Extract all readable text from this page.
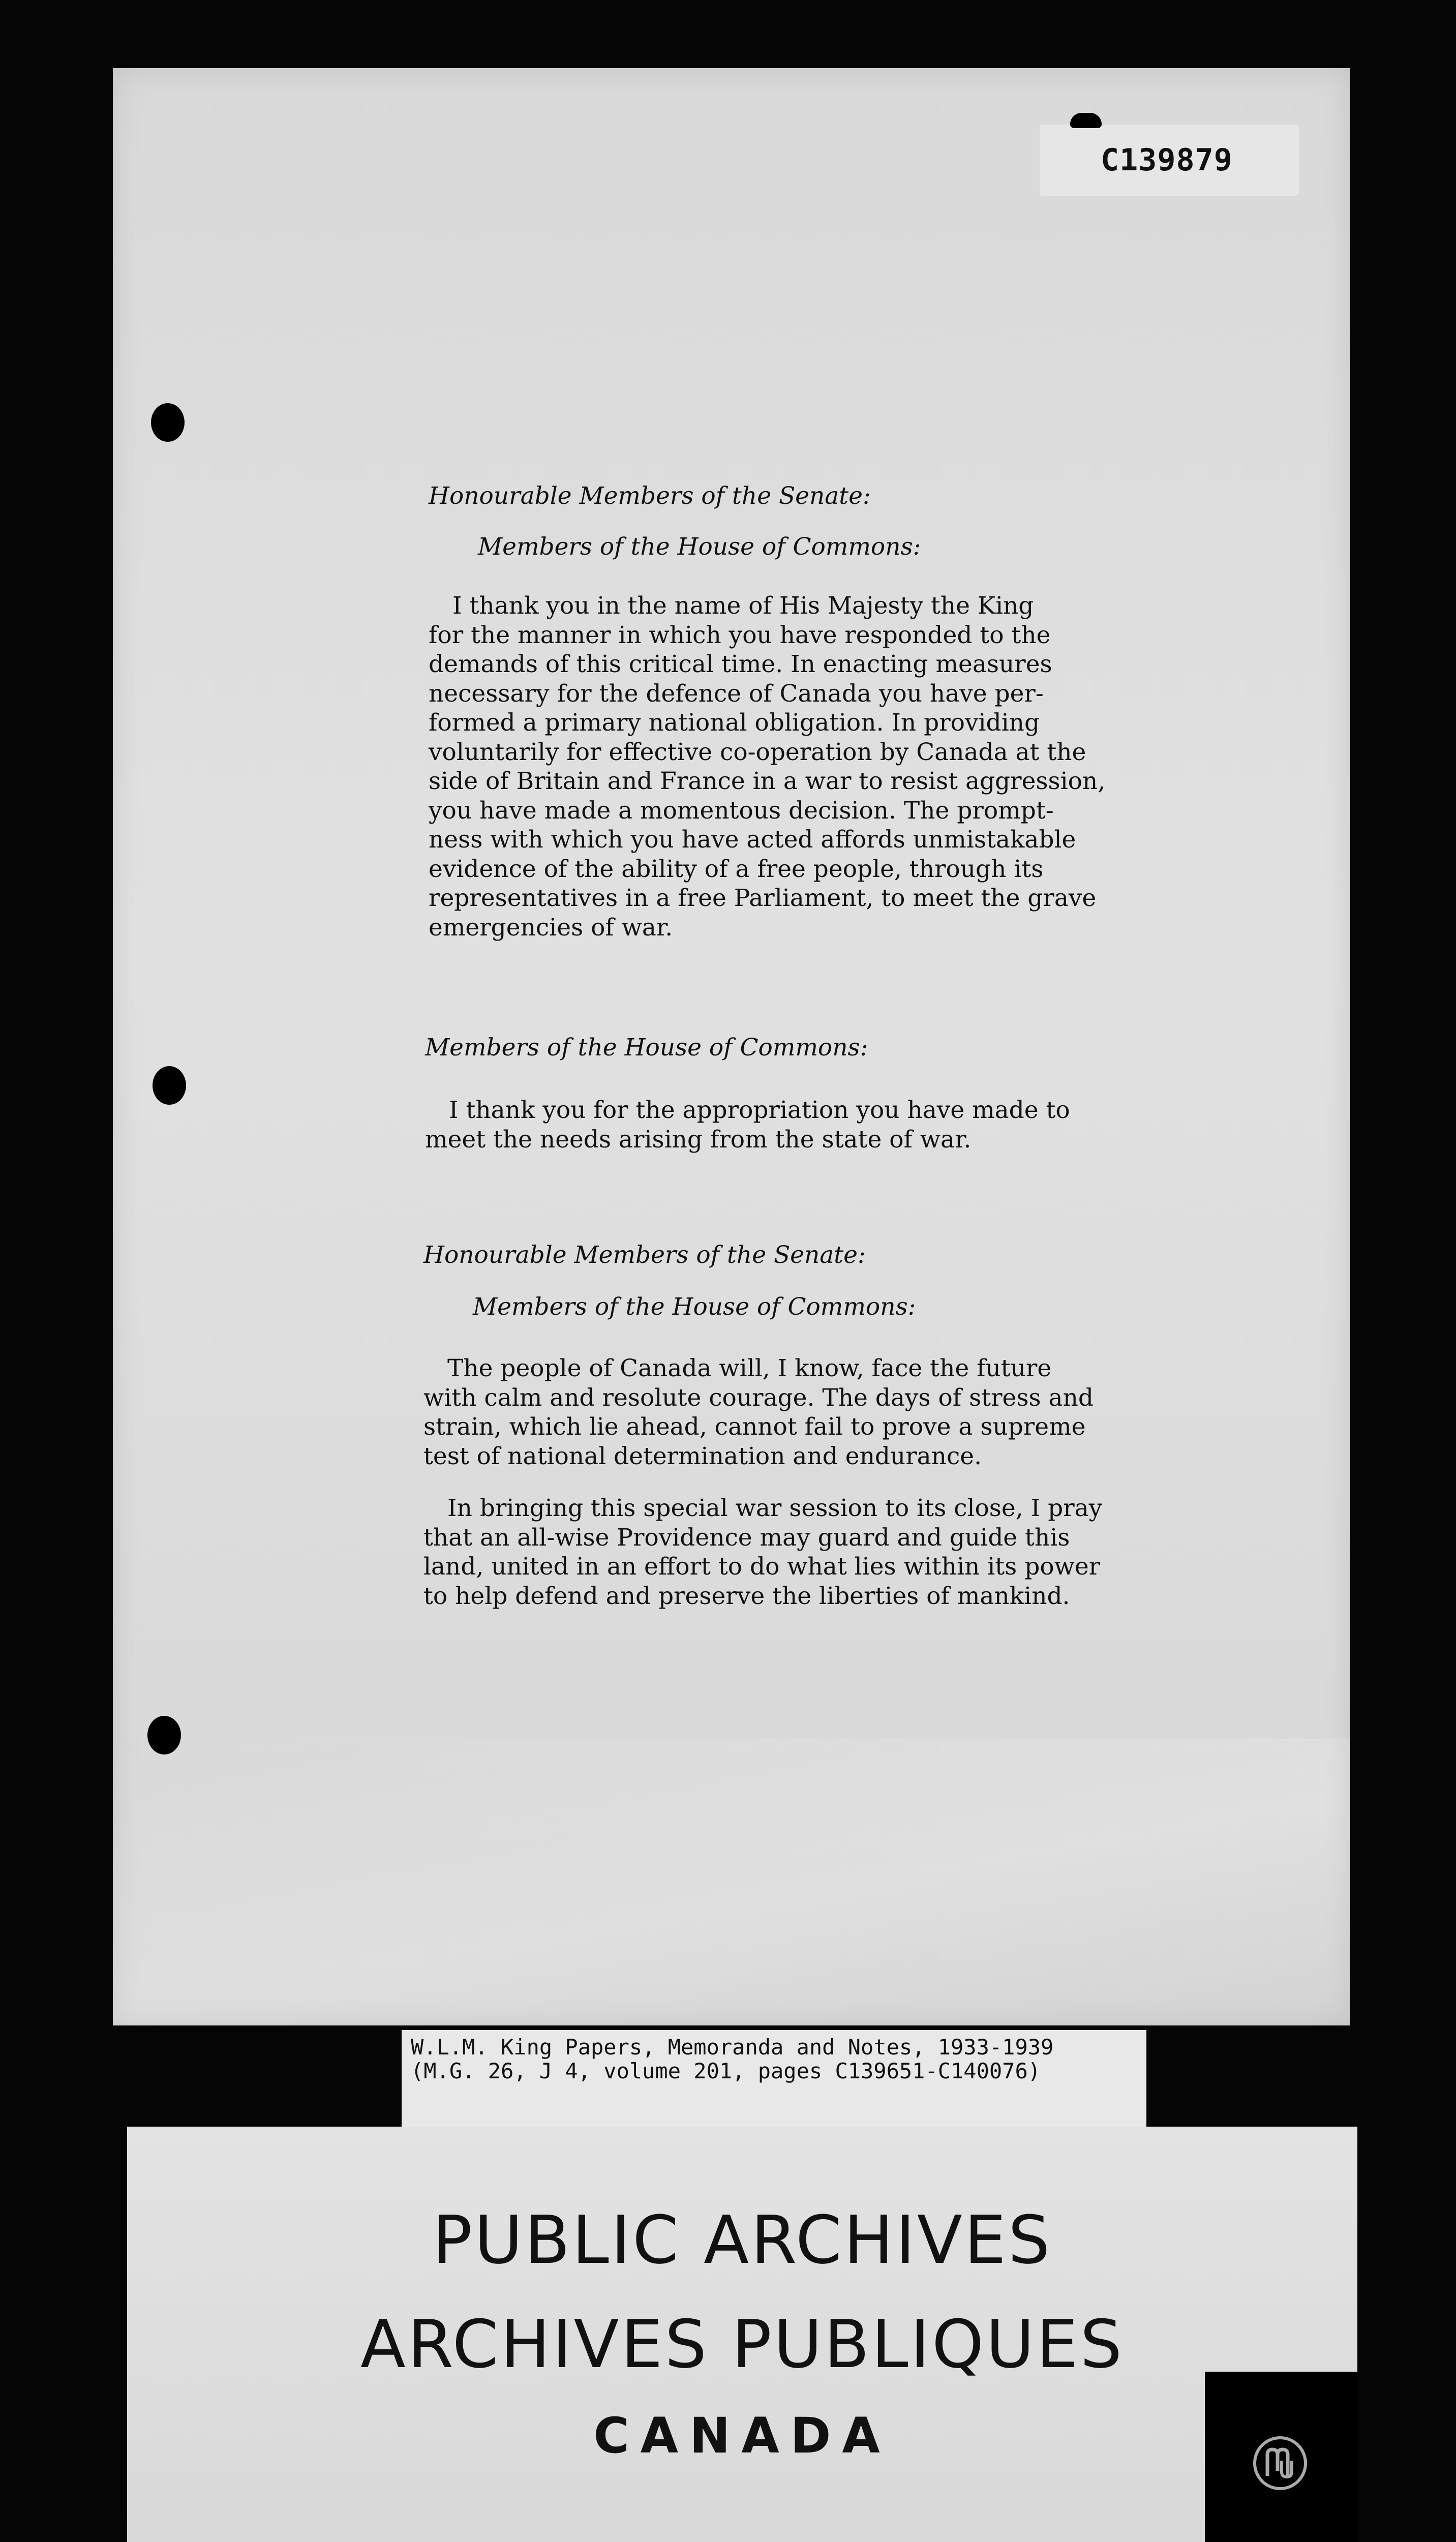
C139879
Honourable Members of the Senate:
Members of the House of Commons:
I thank you in the name of His Majesty the King
for the manner in which you have responded to the
demands of this critical time. In enacting measures
necessary for the defence of Canada you have per-
formed a primary national obligation. In providing
voluntarily for effective co-operation by Canada at the
side of Britain and France in a war to resist aggression,
you have made a momentous decision. The prompt-
ness with which you have acted affords unmistakable
evidence of the ability of a free people, through its
representatives in a free Parliament, to meet the grave
emergencies of war.
Members of the House of Commons:
I thank you for the appropriation you have made to
meet the needs arising from the state of war.
Honourable Members of the Senate:
Members of the House of Commons:
The people of Canada will, I know, face the future
with calm and resolute courage. The days of stress and
strain, which lie ahead, cannot fail to prove a supreme
test of national determination and endurance.
In bringing this special war session to its close, I pray
that an all-wise Providence may guard and guide this
land, united in an effort to do what lies within its power
to help defend and preserve the liberties of mankind.
W.L.M. King Papers, Memoranda and Notes, 1933-1939
(M.G. 26, J 4, volume 201, pages C139651-C140076)
PUBLIC ARCHIVES
ARCHIVES PUBLIQUES
CANADA
